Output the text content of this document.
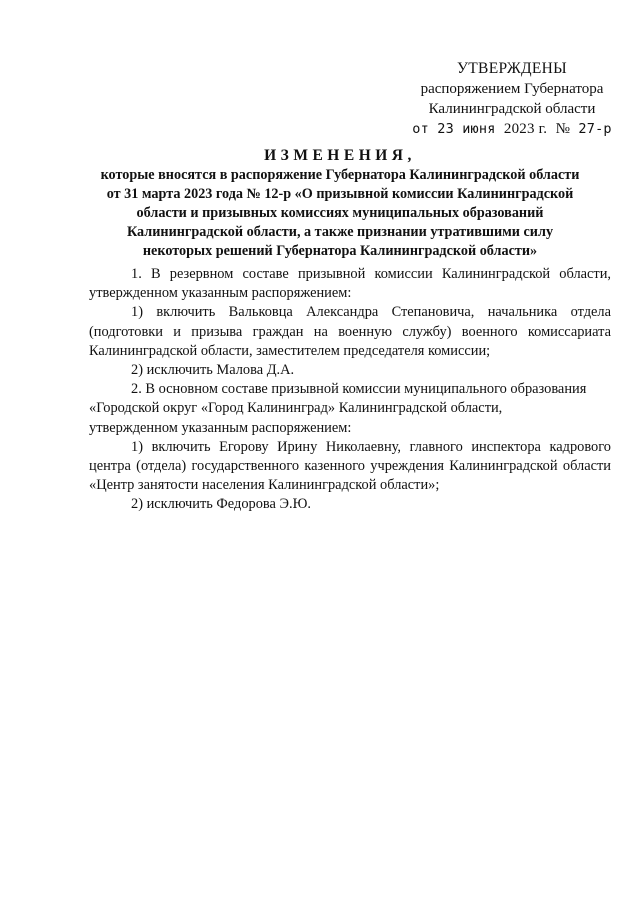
УТВЕРЖДЕНЫ
распоряжением Губернатора
Калининградской области
от 23 июня 2023 г. № 27-р
ИЗМЕНЕНИЯ,
которые вносятся в распоряжение Губернатора Калининградской области
от 31 марта 2023 года № 12-р «О призывной комиссии Калининградской
области и призывных комиссиях муниципальных образований
Калининградской области, а также признании утратившими силу
некоторых решений Губернатора Калининградской области»

1. В резервном составе призывной комиссии Калининградской области, утвержденном указанным распоряжением:

1) включить Вальковца Александра Степановича, начальника отдела (подготовки и призыва граждан на военную службу) военного комиссариата Калининградской области, заместителем председателя комиссии;

2) исключить Малова Д.А.

2. В основном составе призывной комиссии муниципального образования
«Городской округ «Город Калининград» Калининградской области,
утвержденном указанным распоряжением:

1) включить Егорову Ирину Николаевну, главного инспектора кадрового центра (отдела) государственного казенного учреждения Калининградской области «Центр занятости населения Калининградской области»;

2) исключить Федорова Э.Ю.
